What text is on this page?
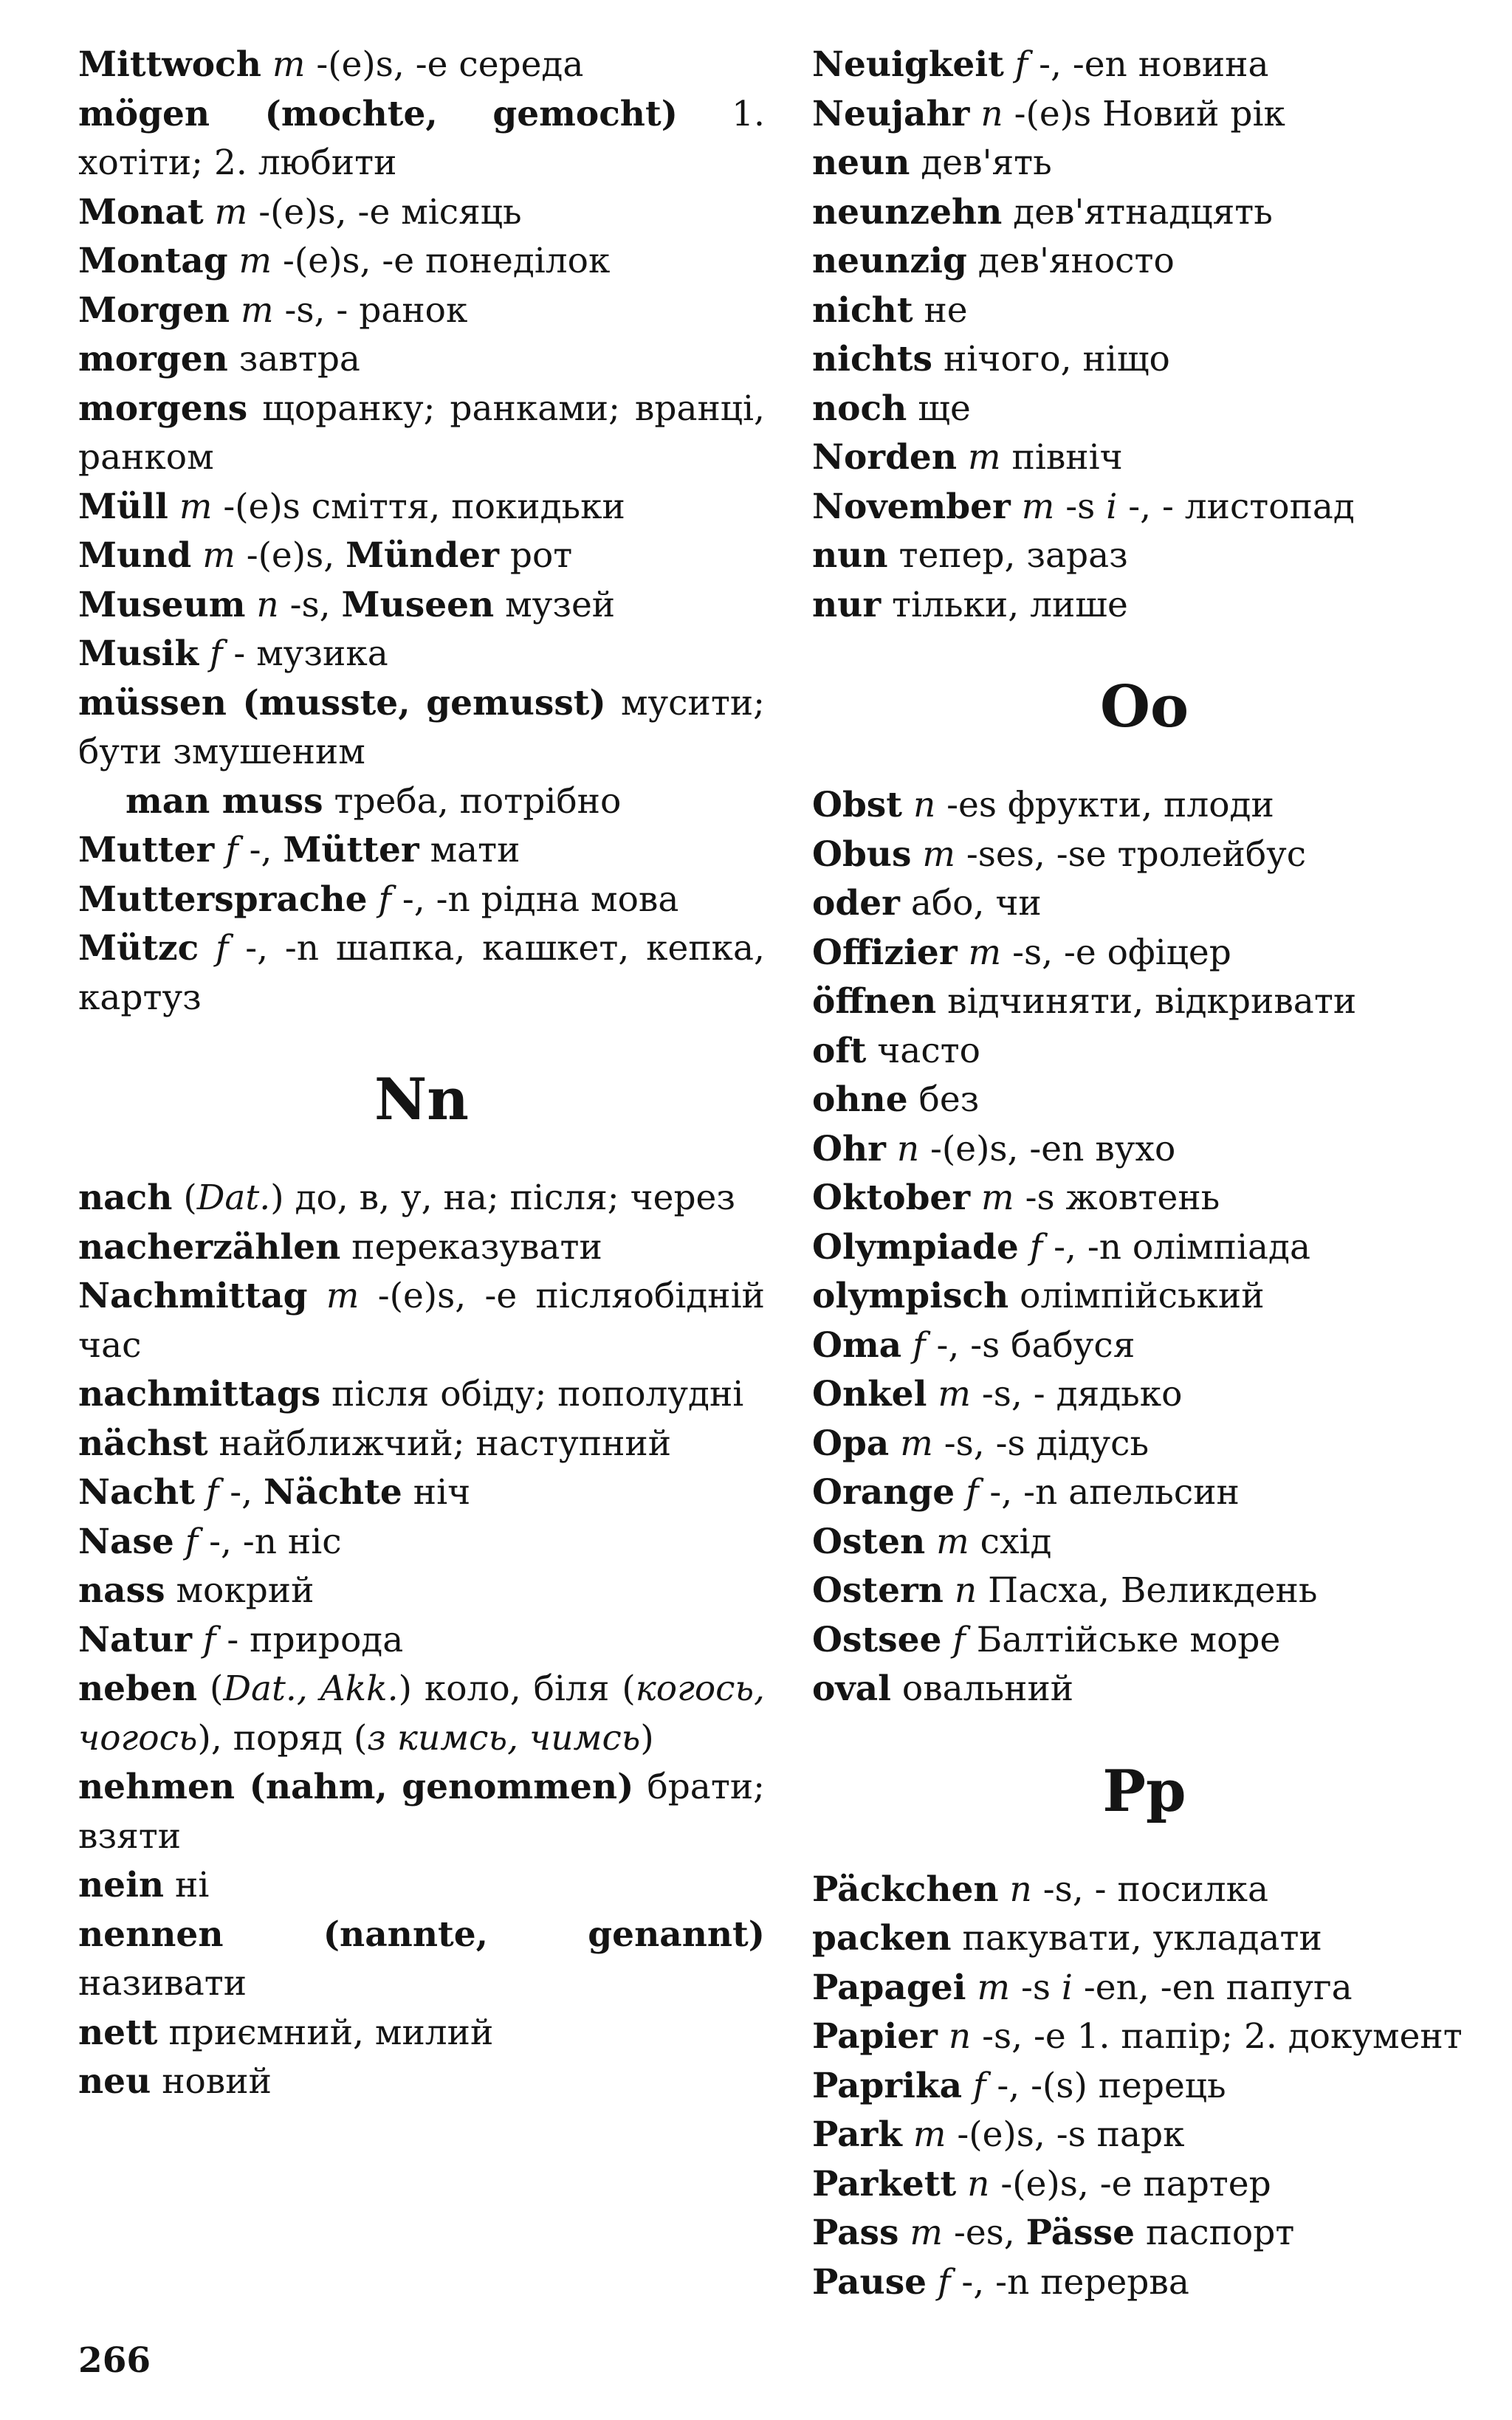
Mittwoch m -(e)s, -e середа
mögen (mochte, gemocht) 1. хотіти; 2. любити
Monat m -(e)s, -e місяць
Montag m -(e)s, -e понеділок
Morgen m -s, - ранок
morgen завтра
morgens щоранку; ранками; вранці, ранком
Müll m -(e)s сміття, покидьки
Mund m -(e)s, Münder рот
Museum n -s, Museen музей
Musik f - музика
müssen (musste, gemusst) мусити; бути змушеним
man muss треба, потрібно
Mutter f -, Mütter мати
Muttersprache f -, -n рідна мова
Mützc f -, -n шапка, кашкет, кепка, картуз
Nn
nach (Dat.) до, в, у, на; після; через
nacherzählen переказувати
Nachmittag m -(e)s, -e післяобідній час
nachmittags після обіду; пополудні
nächst найближчий; наступний
Nacht f -, Nächte ніч
Nase f -, -n ніс
nass мокрий
Natur f - природа
neben (Dat., Akk.) коло, біля (когось, чогось), поряд (з кимсь, чимсь)
nehmen (nahm, genommen) брати; взяти
nein ні
nennen (nannte, genannt) називати
nett приємний, милий
neu новий
Neuigkeit f -, -en новина
Neujahr n -(e)s Новий рік
neun дев'ять
neunzehn дев'ятнадцять
neunzig дев'яносто
nicht не
nichts нічого, ніщо
noch ще
Norden m північ
November m -s i -, - листопад
nun тепер, зараз
nur тільки, лише
Oo
Obst n -es фрукти, плоди
Obus m -ses, -se тролейбус
oder або, чи
Offizier m -s, -e офіцер
öffnen відчиняти, відкривати
oft часто
ohne без
Ohr n -(e)s, -en вухо
Oktober m -s жовтень
Olympiade f -, -n олімпіада
olympisch олімпійський
Oma f -, -s бабуся
Onkel m -s, - дядько
Opa m -s, -s дідусь
Orange f -, -n апельсин
Osten m схід
Ostern n Пасха, Великдень
Ostsee f Балтійське море
oval овальний
Pp
Päckchen n -s, - посилка
packen пакувати, укладати
Papagei m -s i -en, -en папуга
Papier n -s, -e 1. папір; 2. документ
Paprika f -, -(s) перець
Park m -(e)s, -s парк
Parkett n -(e)s, -e партер
Pass m -es, Pässe паспорт
Pause f -, -n перерва
266
